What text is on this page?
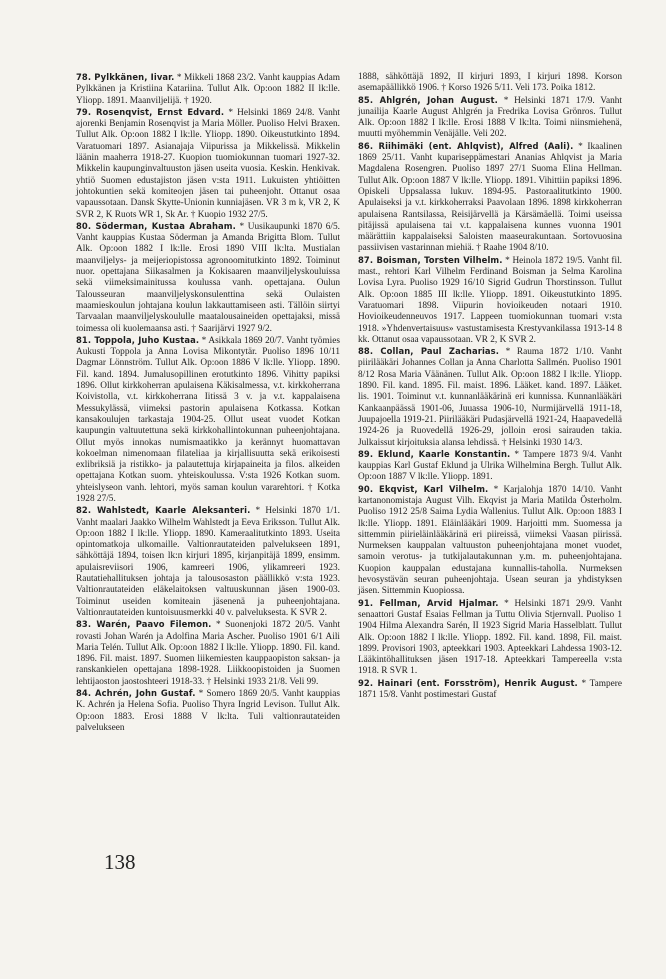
78. Pylkkänen, Iivar. * Mikkeli 1868 23/2. Vanht kauppias Adam Pylkkänen ja Kristiina Katariina. Tullut Alk. Op:oon 1882 II lk:lle. Yliopp. 1891. Maanviljelijä. † 1920.

79. Rosenqvist, Ernst Edvard. * Helsinki 1869 24/8. Vanht ajorenki Benjamin Rosenqvist ja Maria Möller. Puoliso Helvi Braxen. Tullut Alk. Op:oon 1882 I lk:lle. Yliopp. 1890. Oikeustutkinto 1894. Varatuomari 1897. Asianajaja Viipurissa ja Mikkelissä. Mikkelin läänin maaherra 1918-27. Kuopion tuomiokunnan tuomari 1927-32. Mikkelin kaupunginvaltuuston jäsen useita vuosia. Keskin. Henkivak. yhtiö Suomen edustajiston jäsen v:sta 1911. Lukuisten yhtiöitten johtokuntien sekä komiteojen jäsen tai puheenjoht. Ottanut osaa vapaussotaan. Dansk Skytte-Unionin kunniajäsen. VR 3 m k, VR 2, K SVR 2, K Ruots WR 1, Sk Ar. † Kuopio 1932 27/5.

80. Söderman, Kustaa Abraham. * Uusikaupunki 1870 6/5. Vanht kauppias Kustaa Söderman ja Amanda Brigitta Blom. Tullut Alk. Op:oon 1882 I lk:lle. Erosi 1890 VIII lk:lta. Mustialan maanviljelys- ja meijeriopistossa agronoomitutkinto 1892. Toiminut nuor. opettajana Siikasalmen ja Kokisaaren maanviljelyskouluissa sekä viimeksimainitussa koulussa vanh. opettajana. Oulun Talousseuran maanviljelyskonsulenttina sekä Oulaisten maamieskoulun johtajana koulun lakkauttamiseen asti. Tällöin siirtyi Tarvaalan maanviljelyskoululle maatalousaineiden opettajaksi, missä toimessa oli kuolemaansa asti. † Saarijärvi 1927 9/2.

81. Toppola, Juho Kustaa. * Asikkala 1869 20/7. Vanht työmies Aukusti Toppola ja Anna Lovisa Mikontytär. Puoliso 1896 10/11 Dagmar Lönnström. Tullut Alk. Op:oon 1886 V lk:lle. Yliopp. 1890. Fil. kand. 1894. Jumalusopillinen erotutkinto 1896. Vihitty papiksi 1896. Ollut kirkkoherran apulaisena Käkisalmessa, v.t. kirkkoherrana Koivistolla, v.t. kirkkoherrana Iitissä 3 v. ja v.t. kappalaisena Messukylässä, viimeksi pastorin apulaisena Kotkassa. Kotkan kansakoulujen tarkastaja 1904-25. Ollut useat vuodet Kotkan kaupungin valtuutettuna sekä kirkkohallintokunnan puheenjohtajana. Ollut myös innokas numismaatikko ja kerännyt huomattavan kokoelman nimenomaan filateliaa ja kirjallisuutta sekä erikoisesti exlibriksiä ja ristikko- ja palautettuja kirjapaineita ja filos. alkeiden opettajana Kotkan suom. yhteiskoulussa. V:sta 1926 Kotkan suom. yhteislyseon vanh. lehtori, myös saman koulun vararehtori. † Kotka 1928 27/5.

82. Wahlstedt, Kaarle Aleksanteri. * Helsinki 1870 1/1. Vanht maalari Jaakko Wilhelm Wahlstedt ja Eeva Eriksson. Tullut Alk. Op:oon 1882 I lk:lle. Yliopp. 1890. Kameraalitutkinto 1893. Useita opintomatkoja ulkomaille. Valtionrautateiden palvelukseen 1891, sähköttäjä 1894, toisen lk:n kirjuri 1895, kirjanpitäjä 1899, ensimm. apulaisreviisori 1906, kamreeri 1906, ylikamreeri 1923. Rautatiehallituksen johtaja ja talousosaston päällikkö v:sta 1923. Valtionrautateiden eläkelaitoksen valtuuskunnan jäsen 1900-03. Toiminut useiden komiteain jäsenenä ja puheenjohtajana. Valtionrautateiden kuntoisuusmerkki 40 v. palveluksesta. K SVR 2.

83. Warén, Paavo Filemon. * Suonenjoki 1872 20/5. Vanht rovasti Johan Warén ja Adolfina Maria Ascher. Puoliso 1901 6/1 Aili Maria Telén. Tullut Alk. Op:oon 1882 I lk:lle. Yliopp. 1890. Fil. kand. 1896. Fil. maist. 1897. Suomen liikemiesten kauppaopiston saksan- ja ranskankielen opettajana 1898-1928. Liikkoopistoiden ja Suomen lehtijaoston jaostoshteeri 1918-33. † Helsinki 1933 21/8. Veli 99.

84. Achrén, John Gustaf. * Somero 1869 20/5. Vanht kauppias K. Achrén ja Helena Sofia. Puoliso Thyra Ingrid Levison. Tullut Alk. Op:oon 1883. Erosi 1888 V lk:lta. Tuli valtionrautateiden palvelukseen

1888, sähköttäjä 1892, II kirjuri 1893, I kirjuri 1898. Korson asemapäällikkö 1906. † Korso 1926 5/11. Veli 173. Poika 1812.

85. Ahlgrén, Johan August. * Helsinki 1871 17/9. Vanht junailija Kaarle August Ahlgrén ja Fredrika Lovisa Grönros. Tullut Alk. Op:oon 1882 I lk:lle. Erosi 1888 V lk:lta. Toimi niinsmiehenä, muutti myöhemmin Venäjälle. Veli 202.

86. Riihimäki (ent. Ahlqvist), Alfred (Aali). * Ikaalinen 1869 25/11. Vanht kupariseppämestari Ananias Ahlqvist ja Maria Magdalena Rosengren. Puoliso 1897 27/1 Suoma Elina Hellman. Tullut Alk. Op:oon 1887 V lk:lle. Yliopp. 1891. Vihittiin papiksi 1896. Opiskeli Uppsalassa lukuv. 1894-95. Pastoraalitutkinto 1900. Apulaiseksi ja v.t. kirkkoherraksi Paavolaan 1896. 1898 kirkkoherran apulaisena Rantsilassa, Reisijärvellä ja Kärsämäellä. Toimi useissa pitäjissä apulaisena tai v.t. kappalaisena kunnes vuonna 1901 määrättiin kappalaiseksi Saloisten maaseurakuntaan. Sortovuosina passiivisen vastarinnan miehiä. † Raahe 1904 8/10.

87. Boisman, Torsten Vilhelm. * Heinola 1872 19/5. Vanht fil. mast., rehtori Karl Vilhelm Ferdinand Boisman ja Selma Karolina Lovisa Lyra. Puoliso 1929 16/10 Sigrid Gudrun Thorstinsson. Tullut Alk. Op:oon 1885 III lk:lle. Yliopp. 1891. Oikeustutkinto 1895. Varatuomari 1898. Viipurin hovioikeuden notaari 1910. Hovioikeudenneuvos 1917. Lappeen tuomiokunnan tuomari v:sta 1918. »Yhdenvertaisuus» vastustamisesta Krestyvankilassa 1913-14 8 kk. Ottanut osaa vapaussotaan. VR 2, K SVR 2.

88. Collan, Paul Zacharias. * Rauma 1872 1/10. Vanht piirilääkäri Johannes Collan ja Anna Charlotta Sallmén. Puoliso 1901 8/12 Rosa Maria Väänänen. Tullut Alk. Op:oon 1882 I lk:lle. Yliopp. 1890. Fil. kand. 1895. Fil. maist. 1896. Lääket. kand. 1897. Lääket. lis. 1901. Toiminut v.t. kunnanlääkärinä eri kunnissa. Kunnanlääkäri Kankaanpäässä 1901-06, Juuassa 1906-10, Nurmijärvellä 1911-18, Juupajoella 1919-21. Piirilääkäri Pudasjärvellä 1921-24, Haapavedellä 1924-26 ja Ruovedellä 1926-29, jolloin erosi sairauden takia. Julkaissut kirjoituksia alansa lehdissä. † Helsinki 1930 14/3.

89. Eklund, Kaarle Konstantin. * Tampere 1873 9/4. Vanht kauppias Karl Gustaf Eklund ja Ulrika Wilhelmina Bergh. Tullut Alk. Op:oon 1887 V lk:lle. Yliopp. 1891.

90. Ekqvist, Karl Vilhelm. * Karjalohja 1870 14/10. Vanht kartanonomistaja August Vilh. Ekqvist ja Maria Matilda Österholm. Puoliso 1912 25/8 Saima Lydia Wallenius. Tullut Alk. Op:oon 1883 I lk:lle. Yliopp. 1891. Eläinlääkäri 1909. Harjoitti mm. Suomessa ja sittemmin piirieläinlääkärinä eri piireissä, viimeksi Vaasan piirissä. Nurmeksen kauppalan valtuuston puheenjohtajana monet vuodet, samoin verotus- ja tutkijalautakunnan y.m. m. puheenjohtajana. Kuopion kauppalan edustajana kunnallis-taholla. Nurmeksen hevosystävän seuran puheenjohtaja. Usean seuran ja yhdistyksen jäsen. Sittemmin Kuopiossa.

91. Fellman, Arvid Hjalmar. * Helsinki 1871 29/9. Vanht senaattori Gustaf Esaias Fellman ja Tuttu Olivia Stjernvall. Puoliso 1 1904 Hilma Alexandra Sarén, II 1923 Sigrid Maria Hasselblatt. Tullut Alk. Op:oon 1882 I lk:lle. Yliopp. 1892. Fil. kand. 1898, Fil. maist. 1899. Provisori 1903, apteekkari 1903. Apteekkari Lahdessa 1903-12. Lääkintöhallituksen jäsen 1917-18. Apteekkari Tampereella v:sta 1918. R SVR 1.

92. Hainari (ent. Forsström), Henrik August. * Tampere 1871 15/8. Vanht postimestari Gustaf

138
